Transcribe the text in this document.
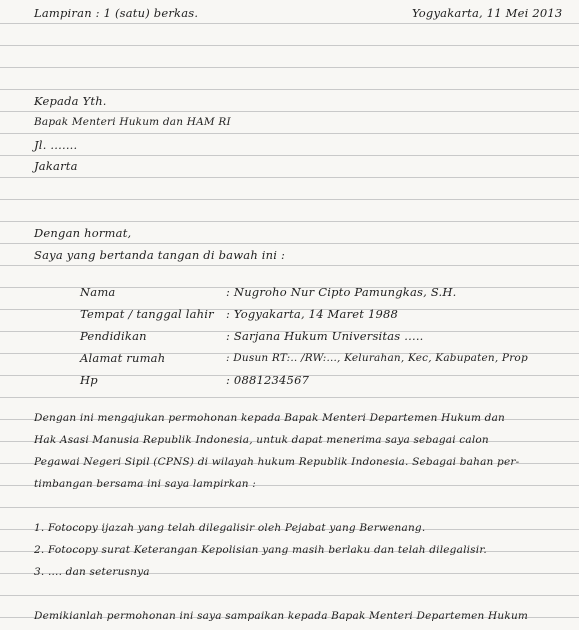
Lampiran : 1 (satu) berkas.	Yogyakarta, 11 Mei 2013
Kepada Yth.
Bapak Menteri Hukum dan HAM RI
Jl. .......
Jakarta
Dengan hormat,
Saya yang bertanda tangan di bawah ini :
Nama	: Nugroho Nur Cipto Pamungkas, S.H.
Tempat / tanggal lahir : Yogyakarta, 14 Maret 1988
Pendidikan	: Sarjana Hukum Universitas .....
Alamat rumah	: Dusun RT:.. /RW:..., Kelurahan, Kec, Kabupaten, Prop
Hp	: 0881234567
Dengan ini mengajukan permohonan kepada Bapak Menteri Departemen Hukum dan
Hak Asasi Manusia Republik Indonesia, untuk dapat menerima saya sebagai calon
Pegawai Negeri Sipil (CPNS) di wilayah hukum Republik Indonesia. Sebagai bahan per-
timbangan bersama ini saya lampirkan :
1. Fotocopy ijazah yang telah dilegalisir oleh Pejabat yang Berwenang.
2. Fotocopy surat Keterangan Kepolisian yang masih berlaku dan telah dilegalisir.
3. .... dan seterusnya
Demikianlah permohonan ini saya sampaikan kepada Bapak Menteri Departemen Hukum
